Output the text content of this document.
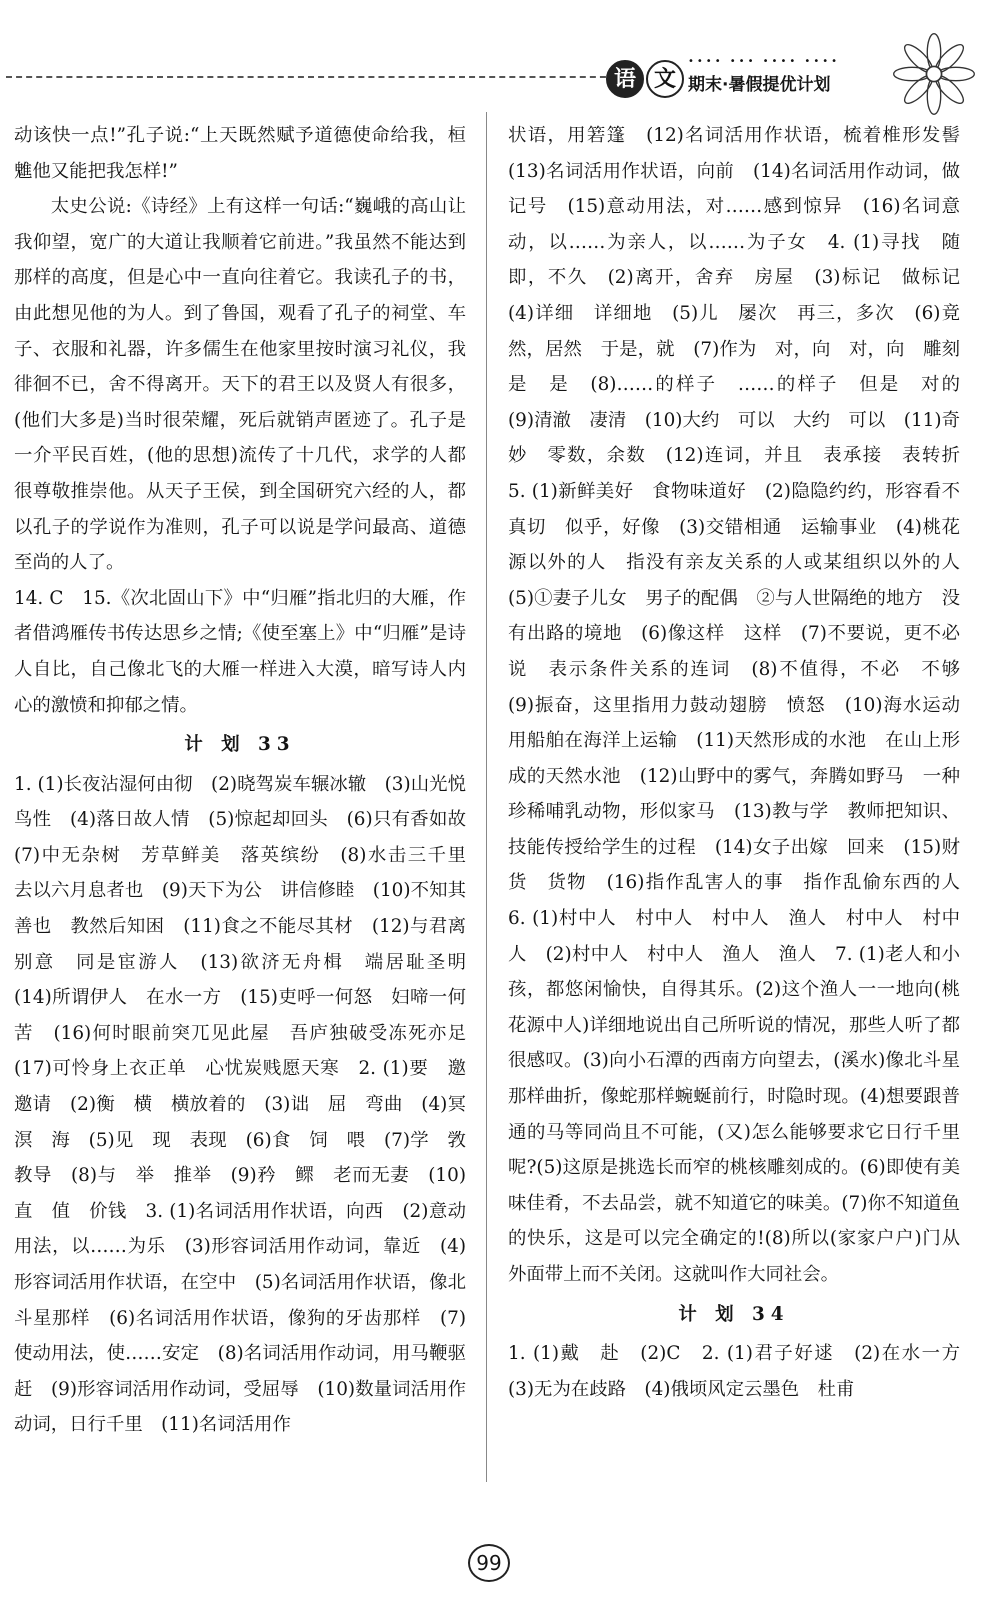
语 文
•••• ••• •••• ••••
期末·暑假提优计划

动该快一点!”孔子说:“上天既然赋予道德使命给我，桓魋他又能把我怎样!”

太史公说:《诗经》上有这样一句话:“巍峨的高山让我仰望，宽广的大道让我顺着它前进。”我虽然不能达到那样的高度，但是心中一直向往着它。我读孔子的书，由此想见他的为人。到了鲁国，观看了孔子的祠堂、车子、衣服和礼器，许多儒生在他家里按时演习礼仪，我徘徊不已，舍不得离开。天下的君王以及贤人有很多，(他们大多是)当时很荣耀，死后就销声匿迹了。孔子是一介平民百姓，(他的思想)流传了十几代，求学的人都很尊敬推崇他。从天子王侯，到全国研究六经的人，都以孔子的学说作为准则，孔子可以说是学问最高、道德至尚的人了。

14. C　15.《次北固山下》中“归雁”指北归的大雁，作者借鸿雁传书传达思乡之情;《使至塞上》中“归雁”是诗人自比，自己像北飞的大雁一样进入大漠，暗写诗人内心的激愤和抑郁之情。

计 划 33

1. (1)长夜沾湿何由彻　(2)晓驾炭车辗冰辙　(3)山光悦鸟性　(4)落日故人情　(5)惊起却回头　(6)只有香如故　(7)中无杂树　芳草鲜美　落英缤纷　(8)水击三千里　去以六月息者也　(9)天下为公　讲信修睦　(10)不知其善也　教然后知困　(11)食之不能尽其材　(12)与君离别意　同是宦游人　(13)欲济无舟楫　端居耻圣明　(14)所谓伊人　在水一方　(15)吏呼一何怒　妇啼一何苦　(16)何时眼前突兀见此屋　吾庐独破受冻死亦足　(17)可怜身上衣正单　心忧炭贱愿天寒　2. (1)要　邀　邀请　(2)衡　横　横放着的　(3)诎　屈　弯曲　(4)冥　溟　海　(5)见　现　表现　(6)食　饲　喂　(7)学　敩　教导　(8)与　举　推举　(9)矜　鳏　老而无妻　(10)直　值　价钱　3. (1)名词活用作状语，向西　(2)意动用法，以……为乐　(3)形容词活用作动词，靠近　(4)形容词活用作状语，在空中　(5)名词活用作状语，像北斗星那样　(6)名词活用作状语，像狗的牙齿那样　(7)使动用法，使……安定　(8)名词活用作动词，用马鞭驱赶　(9)形容词活用作动词，受屈辱　(10)数量词活用作动词，日行千里　(11)名词活用作

状语，用箬篷　(12)名词活用作状语，梳着椎形发髻　(13)名词活用作状语，向前　(14)名词活用作动词，做记号　(15)意动用法，对……感到惊异　(16)名词意动，以……为亲人，以……为子女　4. (1)寻找　随即，不久　(2)离开，舍弃　房屋　(3)标记　做标记　(4)详细　详细地　(5)儿　屡次　再三，多次　(6)竟然，居然　于是，就　(7)作为　对，向　对，向　雕刻　是　是　(8)……的样子　……的样子　但是　对的　(9)清澈　凄清　(10)大约　可以　大约　可以　(11)奇妙　零数，余数　(12)连词，并且　表承接　表转折　5. (1)新鲜美好　食物味道好　(2)隐隐约约，形容看不真切　似乎，好像　(3)交错相通　运输事业　(4)桃花源以外的人　指没有亲友关系的人或某组织以外的人　(5)①妻子儿女　男子的配偶　②与人世隔绝的地方　没有出路的境地　(6)像这样　这样　(7)不要说，更不必说　表示条件关系的连词　(8)不值得，不必　不够　(9)振奋，这里指用力鼓动翅膀　愤怒　(10)海水运动　用船舶在海洋上运输　(11)天然形成的水池　在山上形成的天然水池　(12)山野中的雾气，奔腾如野马　一种珍稀哺乳动物，形似家马　(13)教与学　教师把知识、技能传授给学生的过程　(14)女子出嫁　回来　(15)财货　货物　(16)指作乱害人的事　指作乱偷东西的人　6. (1)村中人　村中人　村中人　渔人　村中人　村中人　(2)村中人　村中人　渔人　渔人　7. (1)老人和小孩，都悠闲愉快，自得其乐。(2)这个渔人一一地向(桃花源中人)详细地说出自己所听说的情况，那些人听了都很感叹。(3)向小石潭的西南方向望去，(溪水)像北斗星那样曲折，像蛇那样蜿蜒前行，时隐时现。(4)想要跟普通的马等同尚且不可能，(又)怎么能够要求它日行千里呢?(5)这原是挑选长而窄的桃核雕刻成的。(6)即使有美味佳肴，不去品尝，就不知道它的味美。(7)你不知道鱼的快乐，这是可以完全确定的!(8)所以(家家户户)门从外面带上而不关闭。这就叫作大同社会。

计 划 34

1. (1)戴　赴　(2)C　2. (1)君子好逑　(2)在水一方　(3)无为在歧路　(4)俄顷风定云墨色　杜甫

99
